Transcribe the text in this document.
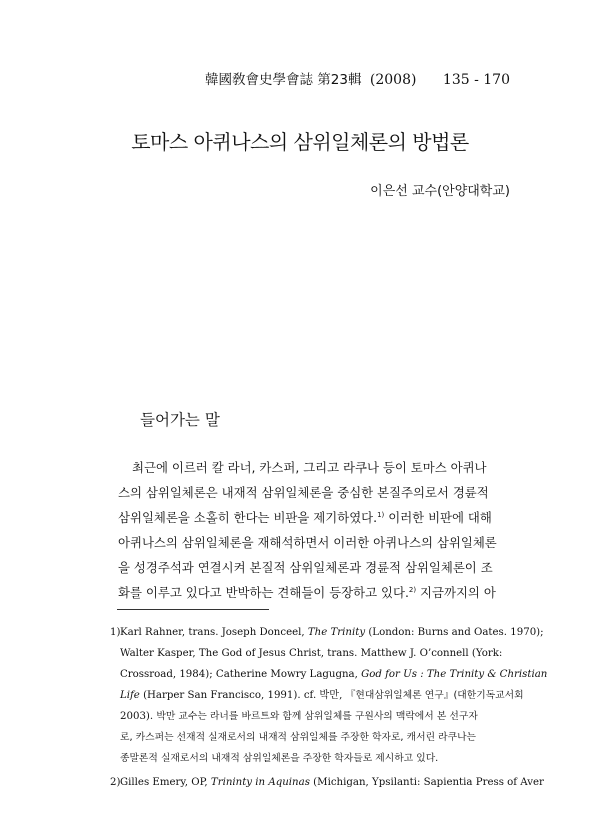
韓國敎會史學會誌 第23輯 (2008) 135 - 170
토마스 아퀴나스의 삼위일체론의 방법론
이은선 교수(안양대학교)
들어가는 말
최근에 이르러 칼 라너, 카스퍼, 그리고 라쿠나 등이 토마스 아퀴나
스의 삼위일체론은 내재적 삼위일체론을 중심한 본질주의로서 경륜적
삼위일체론을 소홀히 한다는 비판을 제기하였다.$^{1)}$ 이러한 비판에 대해
아퀴나스의 삼위일체론을 재해석하면서 이러한 아퀴나스의 삼위일체론
을 성경주석과 연결시켜 본질적 삼위일체론과 경륜적 삼위일체론이 조
화를 이루고 있다고 반박하는 견해들이 등장하고 있다.$^{2)}$ 지금까지의 아
1) Karl Rahner, trans. Joseph Donceel, The Trinity (London: Burns and Oates. 1970);
Walter Kasper, The God of Jesus Christ, trans. Matthew J. O’connell (York:
Crossroad, 1984); Catherine Mowry Lagugna, God for Us : The Trinity & Christian
Life (Harper San Francisco, 1991). cf. 박만, 『현대삼위일체론 연구』(대한기독교서회
2003). 박만 교수는 라너를 바르트와 함께 삼위일체를 구원사의 맥락에서 본 선구자
로, 카스퍼는 선재적 실재로서의 내재적 삼위일체를 주장한 학자로, 캐서린 라쿠나는
종말론적 실재로서의 내재적 삼위일체론을 주장한 학자들로 제시하고 있다.
2) Gilles Emery, OP, Trininty in Aquinas (Michigan, Ypsilanti: Sapientia Press of Aver
